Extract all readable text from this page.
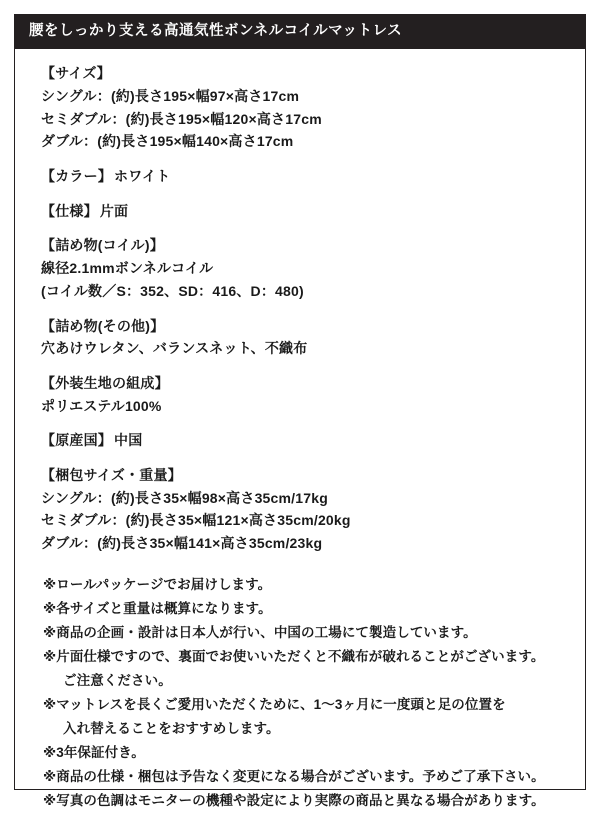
腰をしっかり支える高通気性ボンネルコイルマットレス
【サイズ】
シングル：(約)長さ195×幅97×高さ17cm
セミダブル：(約)長さ195×幅120×高さ17cm
ダブル：(約)長さ195×幅140×高さ17cm
【カラー】 ホワイト
【仕様】 片面
【詰め物(コイル)】
線径2.1mmボンネルコイル
(コイル数／S：352、SD：416、D：480)
【詰め物(その他)】
穴あけウレタン、バランスネット、不織布
【外装生地の組成】
ポリエステル100%
【原産国】 中国
【梱包サイズ・重量】
シングル：(約)長さ35×幅98×高さ35cm/17kg
セミダブル：(約)長さ35×幅121×高さ35cm/20kg
ダブル：(約)長さ35×幅141×高さ35cm/23kg
※ロールパッケージでお届けします。
※各サイズと重量は概算になります。
※商品の企画・設計は日本人が行い、中国の工場にて製造しています。
※片面仕様ですので、裏面でお使いいただくと不織布が破れることがございます。
ご注意ください。
※マットレスを長くご愛用いただくために、1〜3ヶ月に一度頭と足の位置を
入れ替えることをおすすめします。
※3年保証付き。
※商品の仕様・梱包は予告なく変更になる場合がございます。予めご了承下さい。
※写真の色調はモニターの機種や設定により実際の商品と異なる場合があります。
